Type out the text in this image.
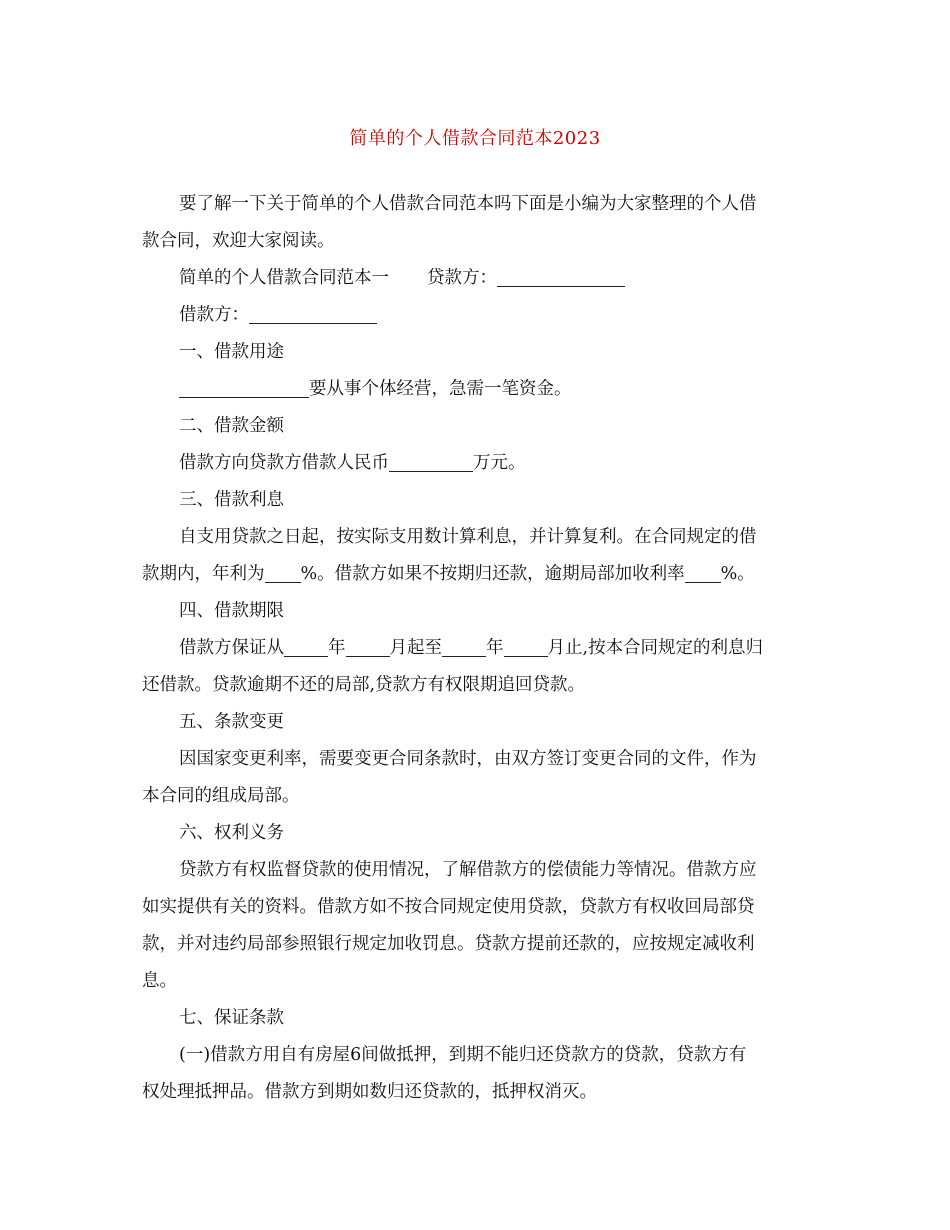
简单的个人借款合同范本2023
要了解一下关于简单的个人借款合同范本吗下面是小编为大家整理的个人借
款合同，欢迎大家阅读。
简单的个人借款合同范本一 贷款方：
借款方：
一、借款用途
要从事个体经营，急需一笔资金。
二、借款金额
借款方向贷款方借款人民币	万元。
三、借款利息
自支用贷款之日起，按实际支用数计算利息，并计算复利。在合同规定的借
款期内，年利为 %。借款方如果不按期归还款，逾期局部加收利率 %。
四、借款期限
借款方保证从	年	月起至	年	月止,按本合同规定的利息归
还借款。贷款逾期不还的局部,贷款方有权限期追回贷款。
五、条款变更
因国家变更利率，需要变更合同条款时，由双方签订变更合同的文件，作为
本合同的组成局部。
六、权利义务
贷款方有权监督贷款的使用情况，了解借款方的偿债能力等情况。借款方应
如实提供有关的资料。借款方如不按合同规定使用贷款，贷款方有权收回局部贷
款，并对违约局部参照银行规定加收罚息。贷款方提前还款的，应按规定减收利
息。
七、保证条款
(一)借款方用自有房屋6间做抵押，到期不能归还贷款方的贷款，贷款方有
权处理抵押品。借款方到期如数归还贷款的，抵押权消灭。
